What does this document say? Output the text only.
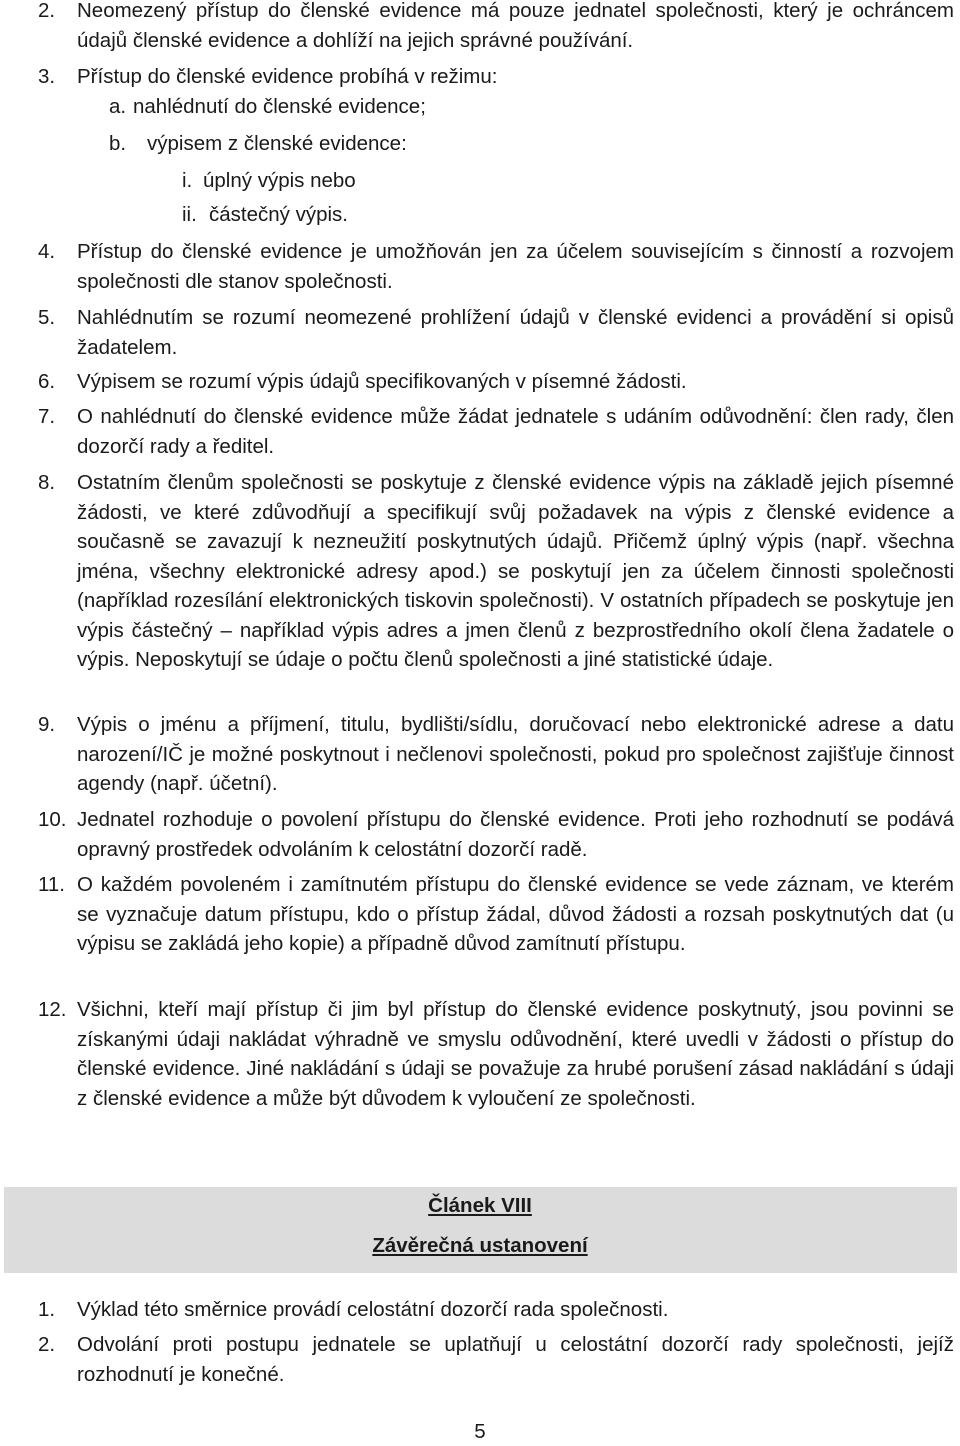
2. Neomezený přístup do členské evidence má pouze jednatel společnosti, který je ochráncem údajů členské evidence a dohlíží na jejich správné používání.
3. Přístup do členské evidence probíhá v režimu:
a. nahlédnutí do členské evidence;
b. výpisem z členské evidence:
i. úplný výpis nebo
ii. částečný výpis.
4. Přístup do členské evidence je umožňován jen za účelem souvisejícím s činností a rozvojem společnosti dle stanov společnosti.
5. Nahlédnutím se rozumí neomezené prohlížení údajů v členské evidenci a provádění si opisů žadatelem.
6. Výpisem se rozumí výpis údajů specifikovaných v písemné žádosti.
7. O nahlédnutí do členské evidence může žádat jednatele s udáním odůvodnění: člen rady, člen dozorčí rady a ředitel.
8. Ostatním členům společnosti se poskytuje z členské evidence výpis na základě jejich písemné žádosti, ve které zdůvodňují a specifikují svůj požadavek na výpis z členské evidence a současně se zavazují k nezneužití poskytnutých údajů. Přičemž úplný výpis (např. všechna jména, všechny elektronické adresy apod.) se poskytují jen za účelem činnosti společnosti (například rozesílání elektronických tiskovin společnosti). V ostatních případech se poskytuje jen výpis částečný – například výpis adres a jmen členů z bezprostředního okolí člena žadatele o výpis. Neposkytují se údaje o počtu členů společnosti a jiné statistické údaje.
9. Výpis o jménu a příjmení, titulu, bydlišti/sídlu, doručovací nebo elektronické adrese a datu narození/IČ je možné poskytnout i nečlenovi společnosti, pokud pro společnost zajišťuje činnost agendy (např. účetní).
10. Jednatel rozhoduje o povolení přístupu do členské evidence. Proti jeho rozhodnutí se podává opravný prostředek odvoláním k celostátní dozorčí radě.
11. O každém povoleném i zamítnutém přístupu do členské evidence se vede záznam, ve kterém se vyznačuje datum přístupu, kdo o přístup žádal, důvod žádosti a rozsah poskytnutých dat (u výpisu se zakládá jeho kopie) a případně důvod zamítnutí přístupu.
12. Všichni, kteří mají přístup či jim byl přístup do členské evidence poskytnutý, jsou povinni se získanými údaji nakládat výhradně ve smyslu odůvodnění, které uvedli v žádosti o přístup do členské evidence. Jiné nakládání s údaji se považuje za hrubé porušení zásad nakládání s údaji z členské evidence a může být důvodem k vyloučení ze společnosti.
Článek VIII
Závěrečná ustanovení
1. Výklad této směrnice provádí celostátní dozorčí rada společnosti.
2. Odvolání proti postupu jednatele se uplatňují u celostátní dozorčí rady společnosti, jejíž rozhodnutí je konečné.
5
